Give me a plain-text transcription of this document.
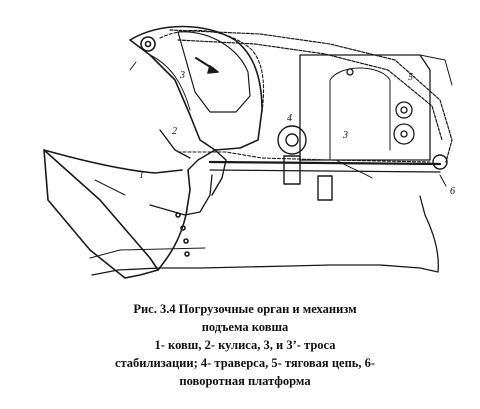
1
2
3
3
4
5
6
Рис. 3.4 Погрузочные орган и механизм
подъема ковша
1- ковш, 2- кулиса, 3, и 3’- троса
стабилизации; 4- траверса, 5- тяговая цепь, 6-
поворотная платформа
